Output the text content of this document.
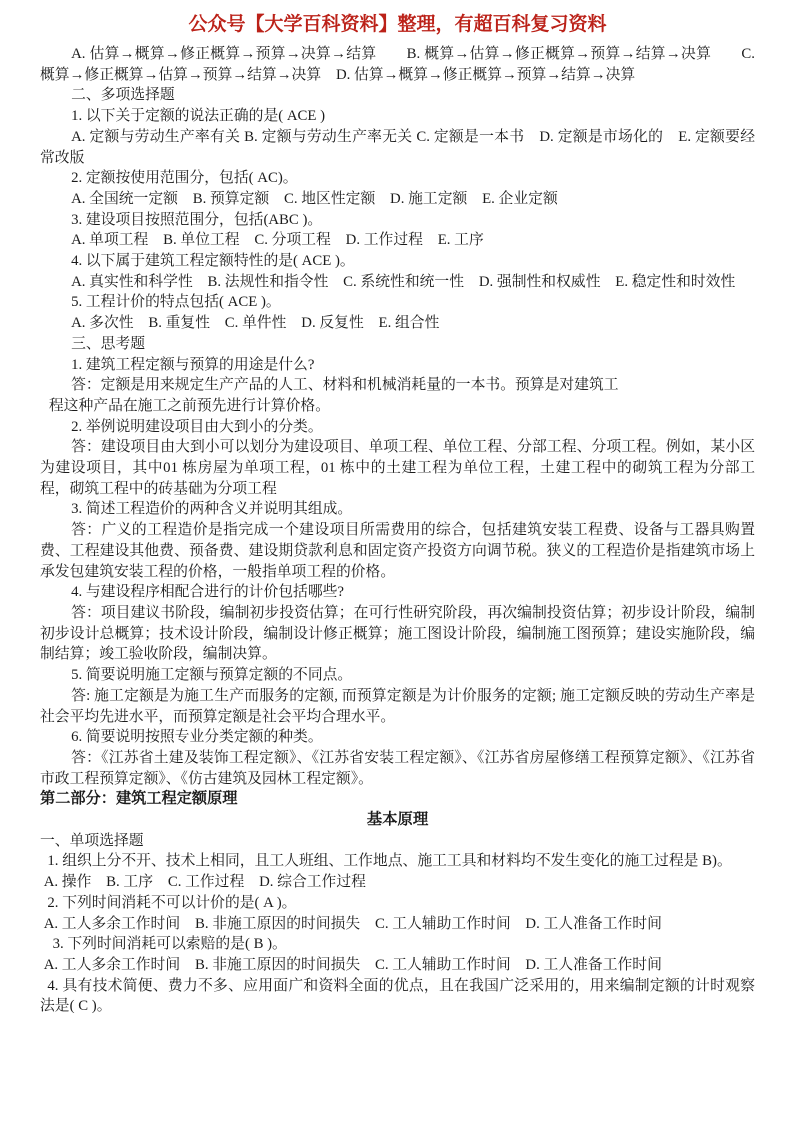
公众号【大学百科资料】整理，有超百科复习资料

A. 估算→概算→修正概算→预算→决算→结算　　B. 概算→估算→修正概算→预算→结算→决算　　C. 概算→修正概算→估算→预算→结算→决算　D. 估算→概算→修正概算→预算→结算→决算

二、多项选择题

1. 以下关于定额的说法正确的是( ACE )

A. 定额与劳动生产率有关 B. 定额与劳动生产率无关 C. 定额是一本书　D. 定额是市场化的　E. 定额要经常改版

2. 定额按使用范围分，包括( AC)。

A. 全国统一定额　B. 预算定额　C. 地区性定额　D. 施工定额　E. 企业定额

3. 建设项目按照范围分，包括(ABC )。

A. 单项工程　B. 单位工程　C. 分项工程　D. 工作过程　E. 工序

4. 以下属于建筑工程定额特性的是( ACE )。

A. 真实性和科学性　B. 法规性和指令性　C. 系统性和统一性　D. 强制性和权威性　E. 稳定性和时效性

5. 工程计价的特点包括( ACE )。

A. 多次性　B. 重复性　C. 单件性　D. 反复性　E. 组合性

三、思考题

1. 建筑工程定额与预算的用途是什么?

答：定额是用来规定生产产品的人工、材料和机械消耗量的一本书。预算是对建筑工

程这种产品在施工之前预先进行计算价格。

2. 举例说明建设项目由大到小的分类。

答：建设项目由大到小可以划分为建设项目、单项工程、单位工程、分部工程、分项工程。例如，某小区为建设项目，其中01 栋房屋为单项工程，01 栋中的土建工程为单位工程，土建工程中的砌筑工程为分部工程，砌筑工程中的砖基础为分项工程

3. 简述工程造价的两种含义并说明其组成。

答：广义的工程造价是指完成一个建设项目所需费用的综合，包括建筑安装工程费、设备与工器具购置费、工程建设其他费、预备费、建设期贷款利息和固定资产投资方向调节税。狭义的工程造价是指建筑市场上承发包建筑安装工程的价格，一般指单项工程的价格。

4. 与建设程序相配合进行的计价包括哪些?

答：项目建议书阶段，编制初步投资估算；在可行性研究阶段，再次编制投资估算；初步设计阶段，编制初步设计总概算；技术设计阶段，编制设计修正概算；施工图设计阶段，编制施工图预算；建设实施阶段，编制结算；竣工验收阶段，编制决算。

5. 简要说明施工定额与预算定额的不同点。

答: 施工定额是为施工生产而服务的定额, 而预算定额是为计价服务的定额; 施工定额反映的劳动生产率是社会平均先进水平，而预算定额是社会平均合理水平。

6. 简要说明按照专业分类定额的种类。

答：《江苏省土建及装饰工程定额》、《江苏省安装工程定额》、《江苏省房屋修缮工程预算定额》、《江苏省市政工程预算定额》、《仿古建筑及园林工程定额》。

第二部分：建筑工程定额原理

基本原理

一、单项选择题

1. 组织上分不开、技术上相同，且工人班组、工作地点、施工工具和材料均不发生变化的施工过程是 B)。

A. 操作　B. 工序　C. 工作过程　D. 综合工作过程

2. 下列时间消耗不可以计价的是( A )。

A. 工人多余工作时间　B. 非施工原因的时间损失　C. 工人辅助工作时间　D. 工人准备工作时间

3. 下列时间消耗可以索赔的是( B )。

A. 工人多余工作时间　B. 非施工原因的时间损失　C. 工人辅助工作时间　D. 工人准备工作时间

4. 具有技术简便、费力不多、应用面广和资料全面的优点，且在我国广泛采用的，用来编制定额的计时观察法是( C )。
